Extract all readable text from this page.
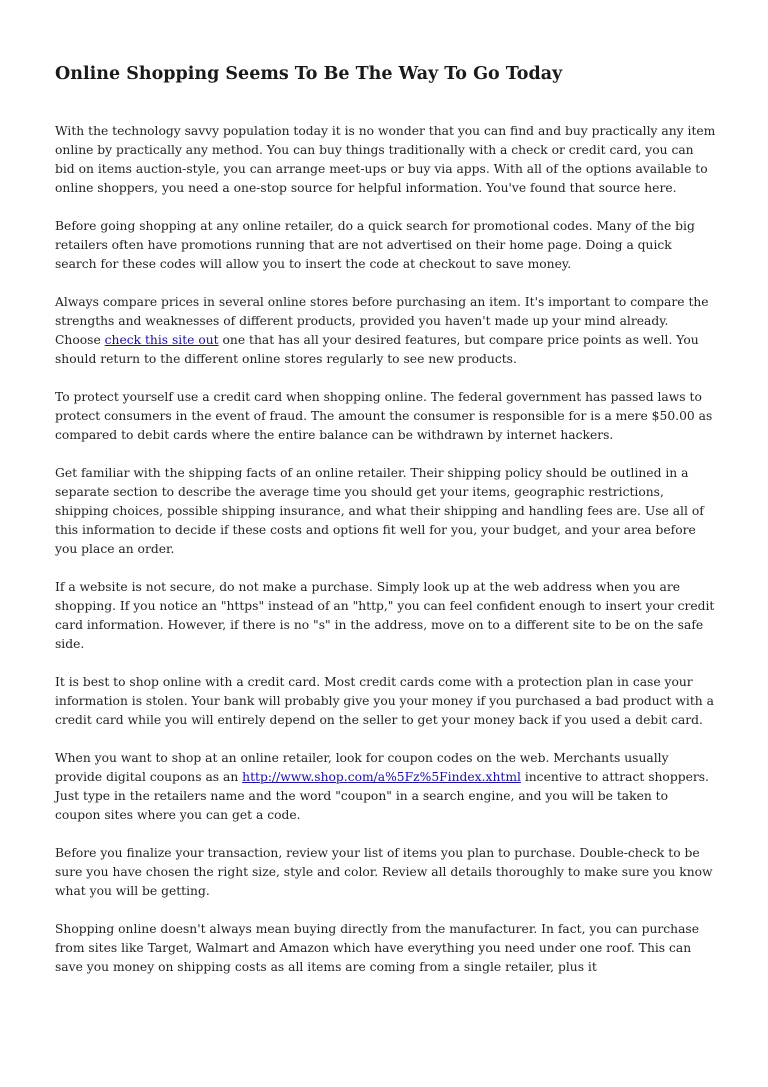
Online Shopping Seems To Be The Way To Go Today

With the technology savvy population today it is no wonder that you can find and buy practically any item online by practically any method. You can buy things traditionally with a check or credit card, you can bid on items auction-style, you can arrange meet-ups or buy via apps. With all of the options available to online shoppers, you need a one-stop source for helpful information. You've found that source here.

Before going shopping at any online retailer, do a quick search for promotional codes. Many of the big retailers often have promotions running that are not advertised on their home page. Doing a quick search for these codes will allow you to insert the code at checkout to save money.

Always compare prices in several online stores before purchasing an item. It's important to compare the strengths and weaknesses of different products, provided you haven't made up your mind already. Choose check this site out one that has all your desired features, but compare price points as well. You should return to the different online stores regularly to see new products.

To protect yourself use a credit card when shopping online. The federal government has passed laws to protect consumers in the event of fraud. The amount the consumer is responsible for is a mere $50.00 as compared to debit cards where the entire balance can be withdrawn by internet hackers.

Get familiar with the shipping facts of an online retailer. Their shipping policy should be outlined in a separate section to describe the average time you should get your items, geographic restrictions, shipping choices, possible shipping insurance, and what their shipping and handling fees are. Use all of this information to decide if these costs and options fit well for you, your budget, and your area before you place an order.

If a website is not secure, do not make a purchase. Simply look up at the web address when you are shopping. If you notice an "https" instead of an "http," you can feel confident enough to insert your credit card information. However, if there is no "s" in the address, move on to a different site to be on the safe side.

It is best to shop online with a credit card. Most credit cards come with a protection plan in case your information is stolen. Your bank will probably give you your money if you purchased a bad product with a credit card while you will entirely depend on the seller to get your money back if you used a debit card.

When you want to shop at an online retailer, look for coupon codes on the web. Merchants usually provide digital coupons as an http://www.shop.com/a%5Fz%5Findex.xhtml incentive to attract shoppers. Just type in the retailers name and the word "coupon" in a search engine, and you will be taken to coupon sites where you can get a code.

Before you finalize your transaction, review your list of items you plan to purchase. Double-check to be sure you have chosen the right size, style and color. Review all details thoroughly to make sure you know what you will be getting.

Shopping online doesn't always mean buying directly from the manufacturer. In fact, you can purchase from sites like Target, Walmart and Amazon which have everything you need under one roof. This can save you money on shipping costs as all items are coming from a single retailer, plus it
